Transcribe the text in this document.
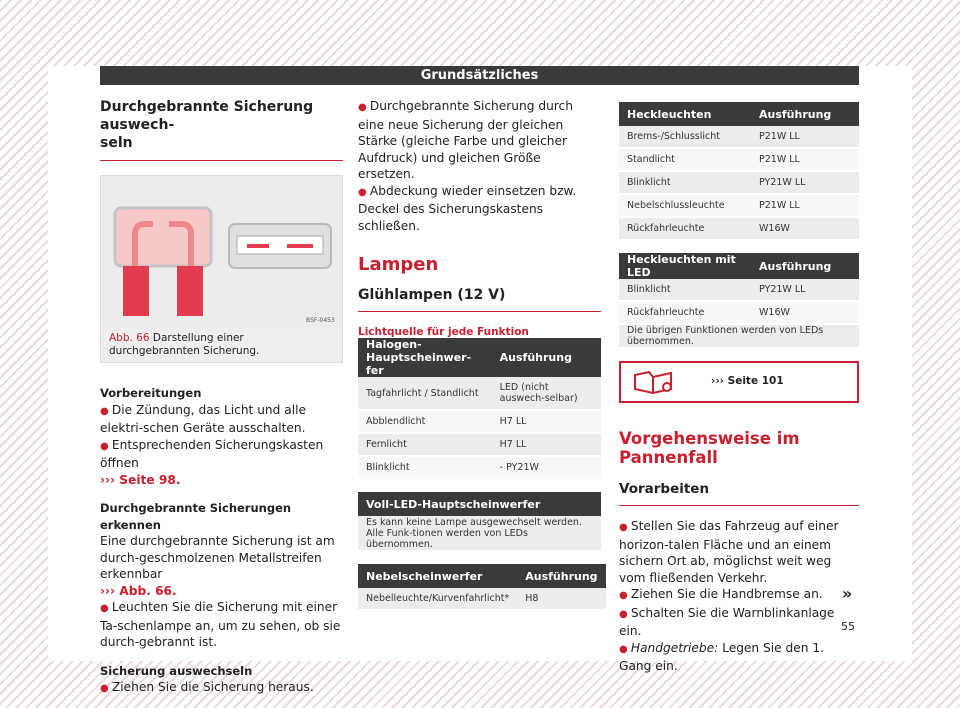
Grundsätzliches
Durchgebrannte Sicherung auswech-
seln
B5F-0453
Abb. 66 Darstellung einer durchgebrannten Sicherung.

Vorbereitungen

● Die Zündung, das Licht und alle elektri-schen Geräte ausschalten.

● Entsprechenden Sicherungskasten öffnen

››› Seite 98.

Durchgebrannte Sicherungen erkennen

Eine durchgebrannte Sicherung ist am durch-geschmolzenen Metallstreifen erkennbar

››› Abb. 66.

● Leuchten Sie die Sicherung mit einer Ta-schenlampe an, um zu sehen, ob sie durch-gebrannt ist.

Sicherung auswechseln

● Ziehen Sie die Sicherung heraus.

● Durchgebrannte Sicherung durch eine neue Sicherung der gleichen Stärke (gleiche Farbe und gleicher Aufdruck) und gleichen Größe ersetzen.

● Abdeckung wieder einsetzen bzw. Deckel des Sicherungskastens schließen.

Lampen
Glühlampen (12 V)
Lichtquelle für jede Funktion
Halogen-Hauptscheinwer-fer	Ausführung
Tagfahrlicht / Standlicht	LED (nicht auswech-selbar)
Abblendlicht	H7 LL
Fernlicht	H7 LL
Blinklicht	- PY21W
Voll-LED-Hauptscheinwerfer
Es kann keine Lampe ausgewechselt werden. Alle Funk-tionen werden von LEDs übernommen.
Nebelscheinwerfer	Ausführung
Nebelleuchte/Kurvenfahrlicht*	H8
Heckleuchten	Ausführung
Brems-/Schlusslicht	P21W LL
Standlicht	P21W LL
Blinklicht	PY21W LL
Nebelschlussleuchte	P21W LL
Rückfahrleuchte	W16W
Heckleuchten mit LED	Ausführung
Blinklicht	PY21W LL
Rückfahrleuchte	W16W
Die übrigen Funktionen werden von LEDs übernommen.	
››› Seite 101
Vorgehensweise im Pannenfall
Vorarbeiten

● Stellen Sie das Fahrzeug auf einer horizon-talen Fläche und an einem sichern Ort ab, möglichst weit weg vom fließenden Verkehr.

● Ziehen Sie die Handbremse an.

● Schalten Sie die Warnblinkanlage ein.

● Handgetriebe: Legen Sie den 1. Gang ein.

»
55
